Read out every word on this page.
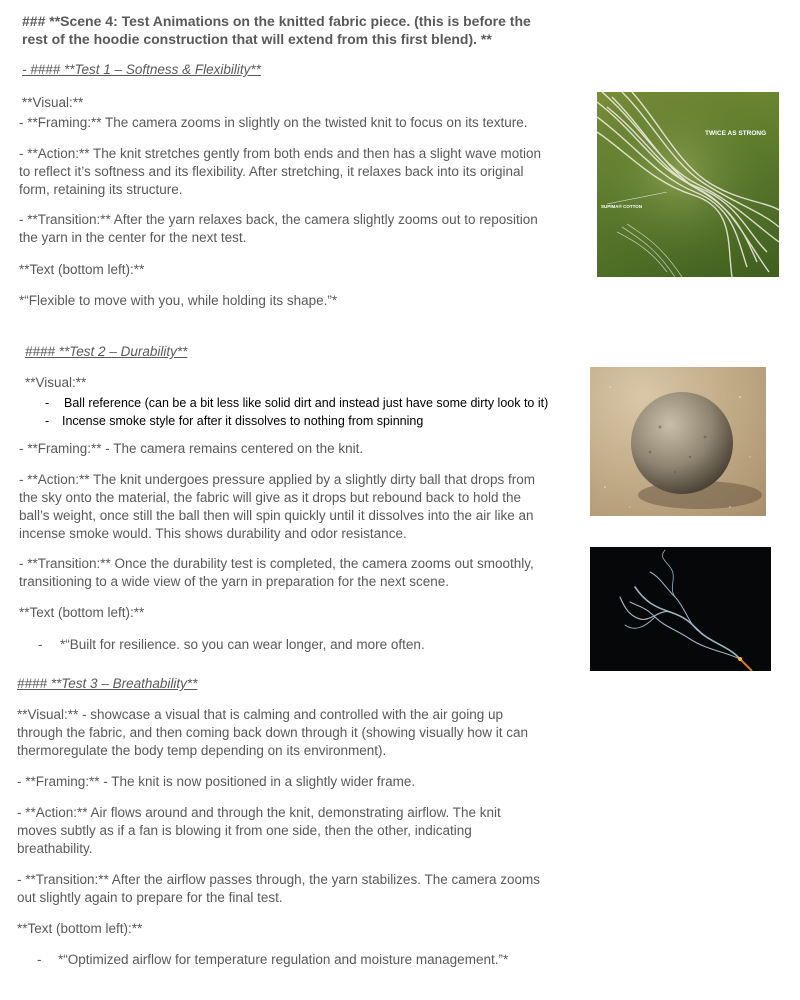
### **Scene 4: Test Animations on the knitted fabric piece. (this is before the rest of the hoodie construction that will extend from this first blend). **

- #### **Test 1 – Softness & Flexibility**

**Visual:**

- **Framing:** The camera zooms in slightly on the twisted knit to focus on its texture.

- **Action:** The knit stretches gently from both ends and then has a slight wave motion to reflect it’s softness and its flexibility. After stretching, it relaxes back into its original form, retaining its structure.

- **Transition:** After the yarn relaxes back, the camera slightly zooms out to reposition the yarn in the center for the next test.

**Text (bottom left):**

*“Flexible to move with you, while holding its shape.”*

TWICE AS STRONG
SUPIMA® COTTON

#### **Test 2 – Durability**

**Visual:**

- Ball reference (can be a bit less like solid dirt and instead just have some dirty look to it)

- Incense smoke style for after it dissolves to nothing from spinning

- **Framing:** - The camera remains centered on the knit.

- **Action:** The knit undergoes pressure applied by a slightly dirty ball that drops from the sky onto the material, the fabric will give as it drops but rebound back to hold the ball’s weight, once still the ball then will spin quickly until it dissolves into the air like an incense smoke would. This shows durability and odor resistance.

- **Transition:** Once the durability test is completed, the camera zooms out smoothly, transitioning to a wide view of the yarn in preparation for the next scene.

**Text (bottom left):**

- *“Built for resilience. so you can wear longer, and more often.

#### **Test 3 – Breathability**

**Visual:** - showcase a visual that is calming and controlled with the air going up through the fabric, and then coming back down through it (showing visually how it can thermoregulate the body temp depending on its environment).

- **Framing:** - The knit is now positioned in a slightly wider frame.

- **Action:** Air flows around and through the knit, demonstrating airflow. The knit moves subtly as if a fan is blowing it from one side, then the other, indicating breathability.

- **Transition:** After the airflow passes through, the yarn stabilizes. The camera zooms out slightly again to prepare for the final test.

**Text (bottom left):**

- *“Optimized airflow for temperature regulation and moisture management.”*
